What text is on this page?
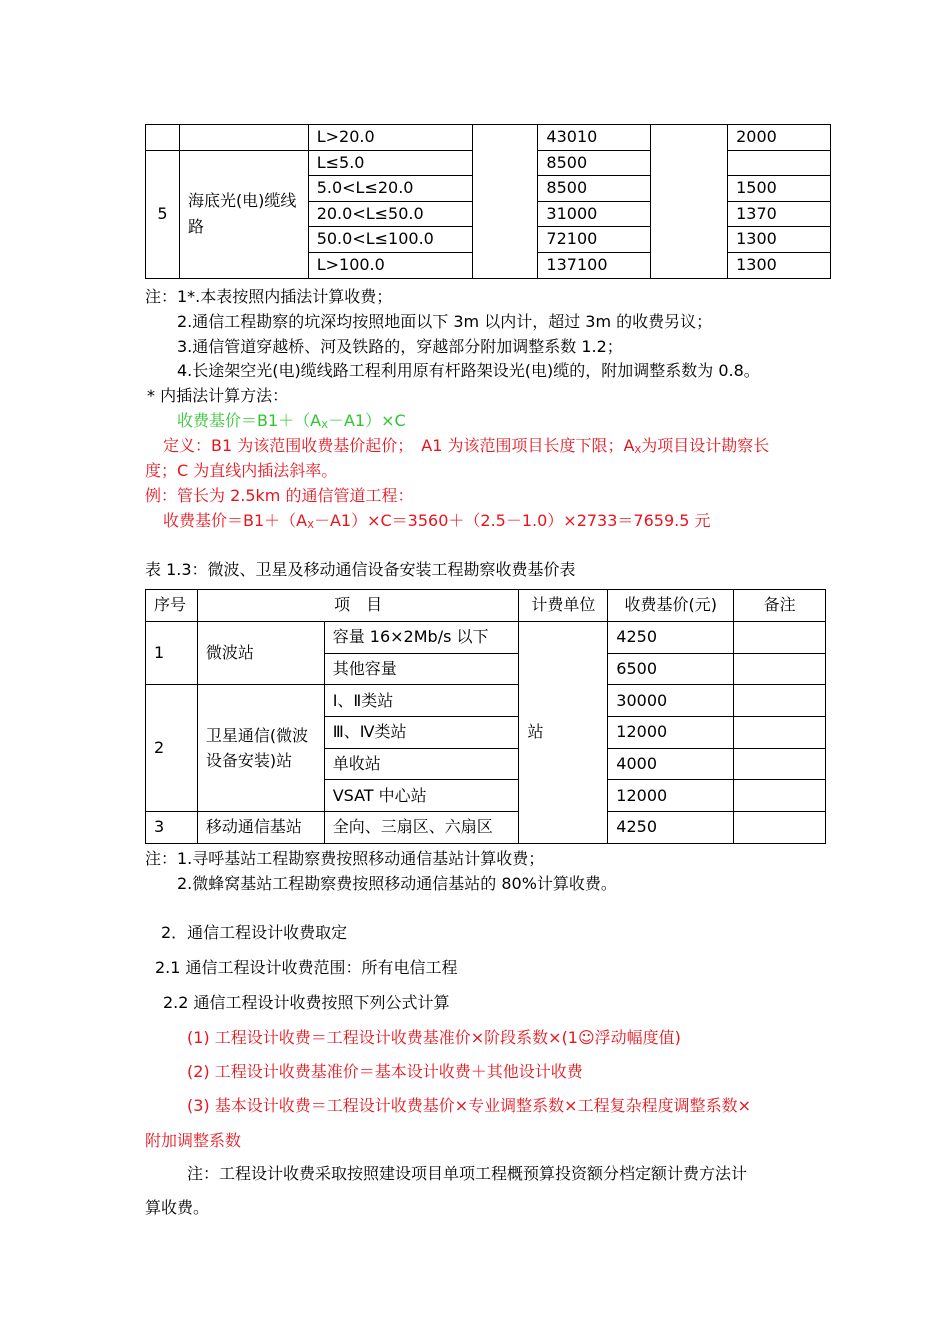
		L>20.0		43010		2000
5	海底光(电)缆线路	L≤5.0		8500		
		5.0<L≤20.0		8500		1500
		20.0<L≤50.0		31000		1370
		50.0<L≤100.0		72100		1300
		L>100.0		137100		1300
注：1*.本表按照内插法计算收费；
2.通信工程勘察的坑深均按照地面以下 3m 以内计，超过 3m 的收费另议；
3.通信管道穿越桥、河及铁路的，穿越部分附加调整系数 1.2；
4.长途架空光(电)缆线路工程利用原有杆路架设光(电)缆的，附加调整系数为 0.8。
* 内插法计算方法：
收费基价$=B1+(A_X-A1)\times C$
定义：B1 为该范围收费基价起价；　A1 为该范围项目长度下限；$A_X$为项目设计勘察长
度；C 为直线内插法斜率。
例：管长为 2.5km 的通信管道工程：
收费基价$=B1+(A_X-A1)\times C=3560+(2.5-1.0)\times 2733=7659.5$ 元
表 1.3：微波、卫星及移动通信设备安装工程勘察收费基价表
序号	项　目		计费单位	收费基价(元)	备注
1	微波站	容量 16×2Mb/s 以下	站	4250	
		其他容量		6500	
2	卫星通信(微波设备安装)站	Ⅰ、Ⅱ类站		30000	
		Ⅲ、Ⅳ类站		12000	
		单收站		4000	
		VSAT 中心站		12000	
3	移动通信基站	全向、三扇区、六扇区		4250	
注：1.寻呼基站工程勘察费按照移动通信基站计算收费；
2.微蜂窝基站工程勘察费按照移动通信基站的 80%计算收费。
2．通信工程设计收费取定
2.1 通信工程设计收费范围：所有电信工程
2.2 通信工程设计收费按照下列公式计算
(1) 工程设计收费＝工程设计收费基准价×阶段系数×(1☺浮动幅度值)
(2) 工程设计收费基准价＝基本设计收费＋其他设计收费
(3) 基本设计收费＝工程设计收费基价×专业调整系数×工程复杂程度调整系数×
附加调整系数
注：工程设计收费采取按照建设项目单项工程概预算投资额分档定额计费方法计
算收费。
